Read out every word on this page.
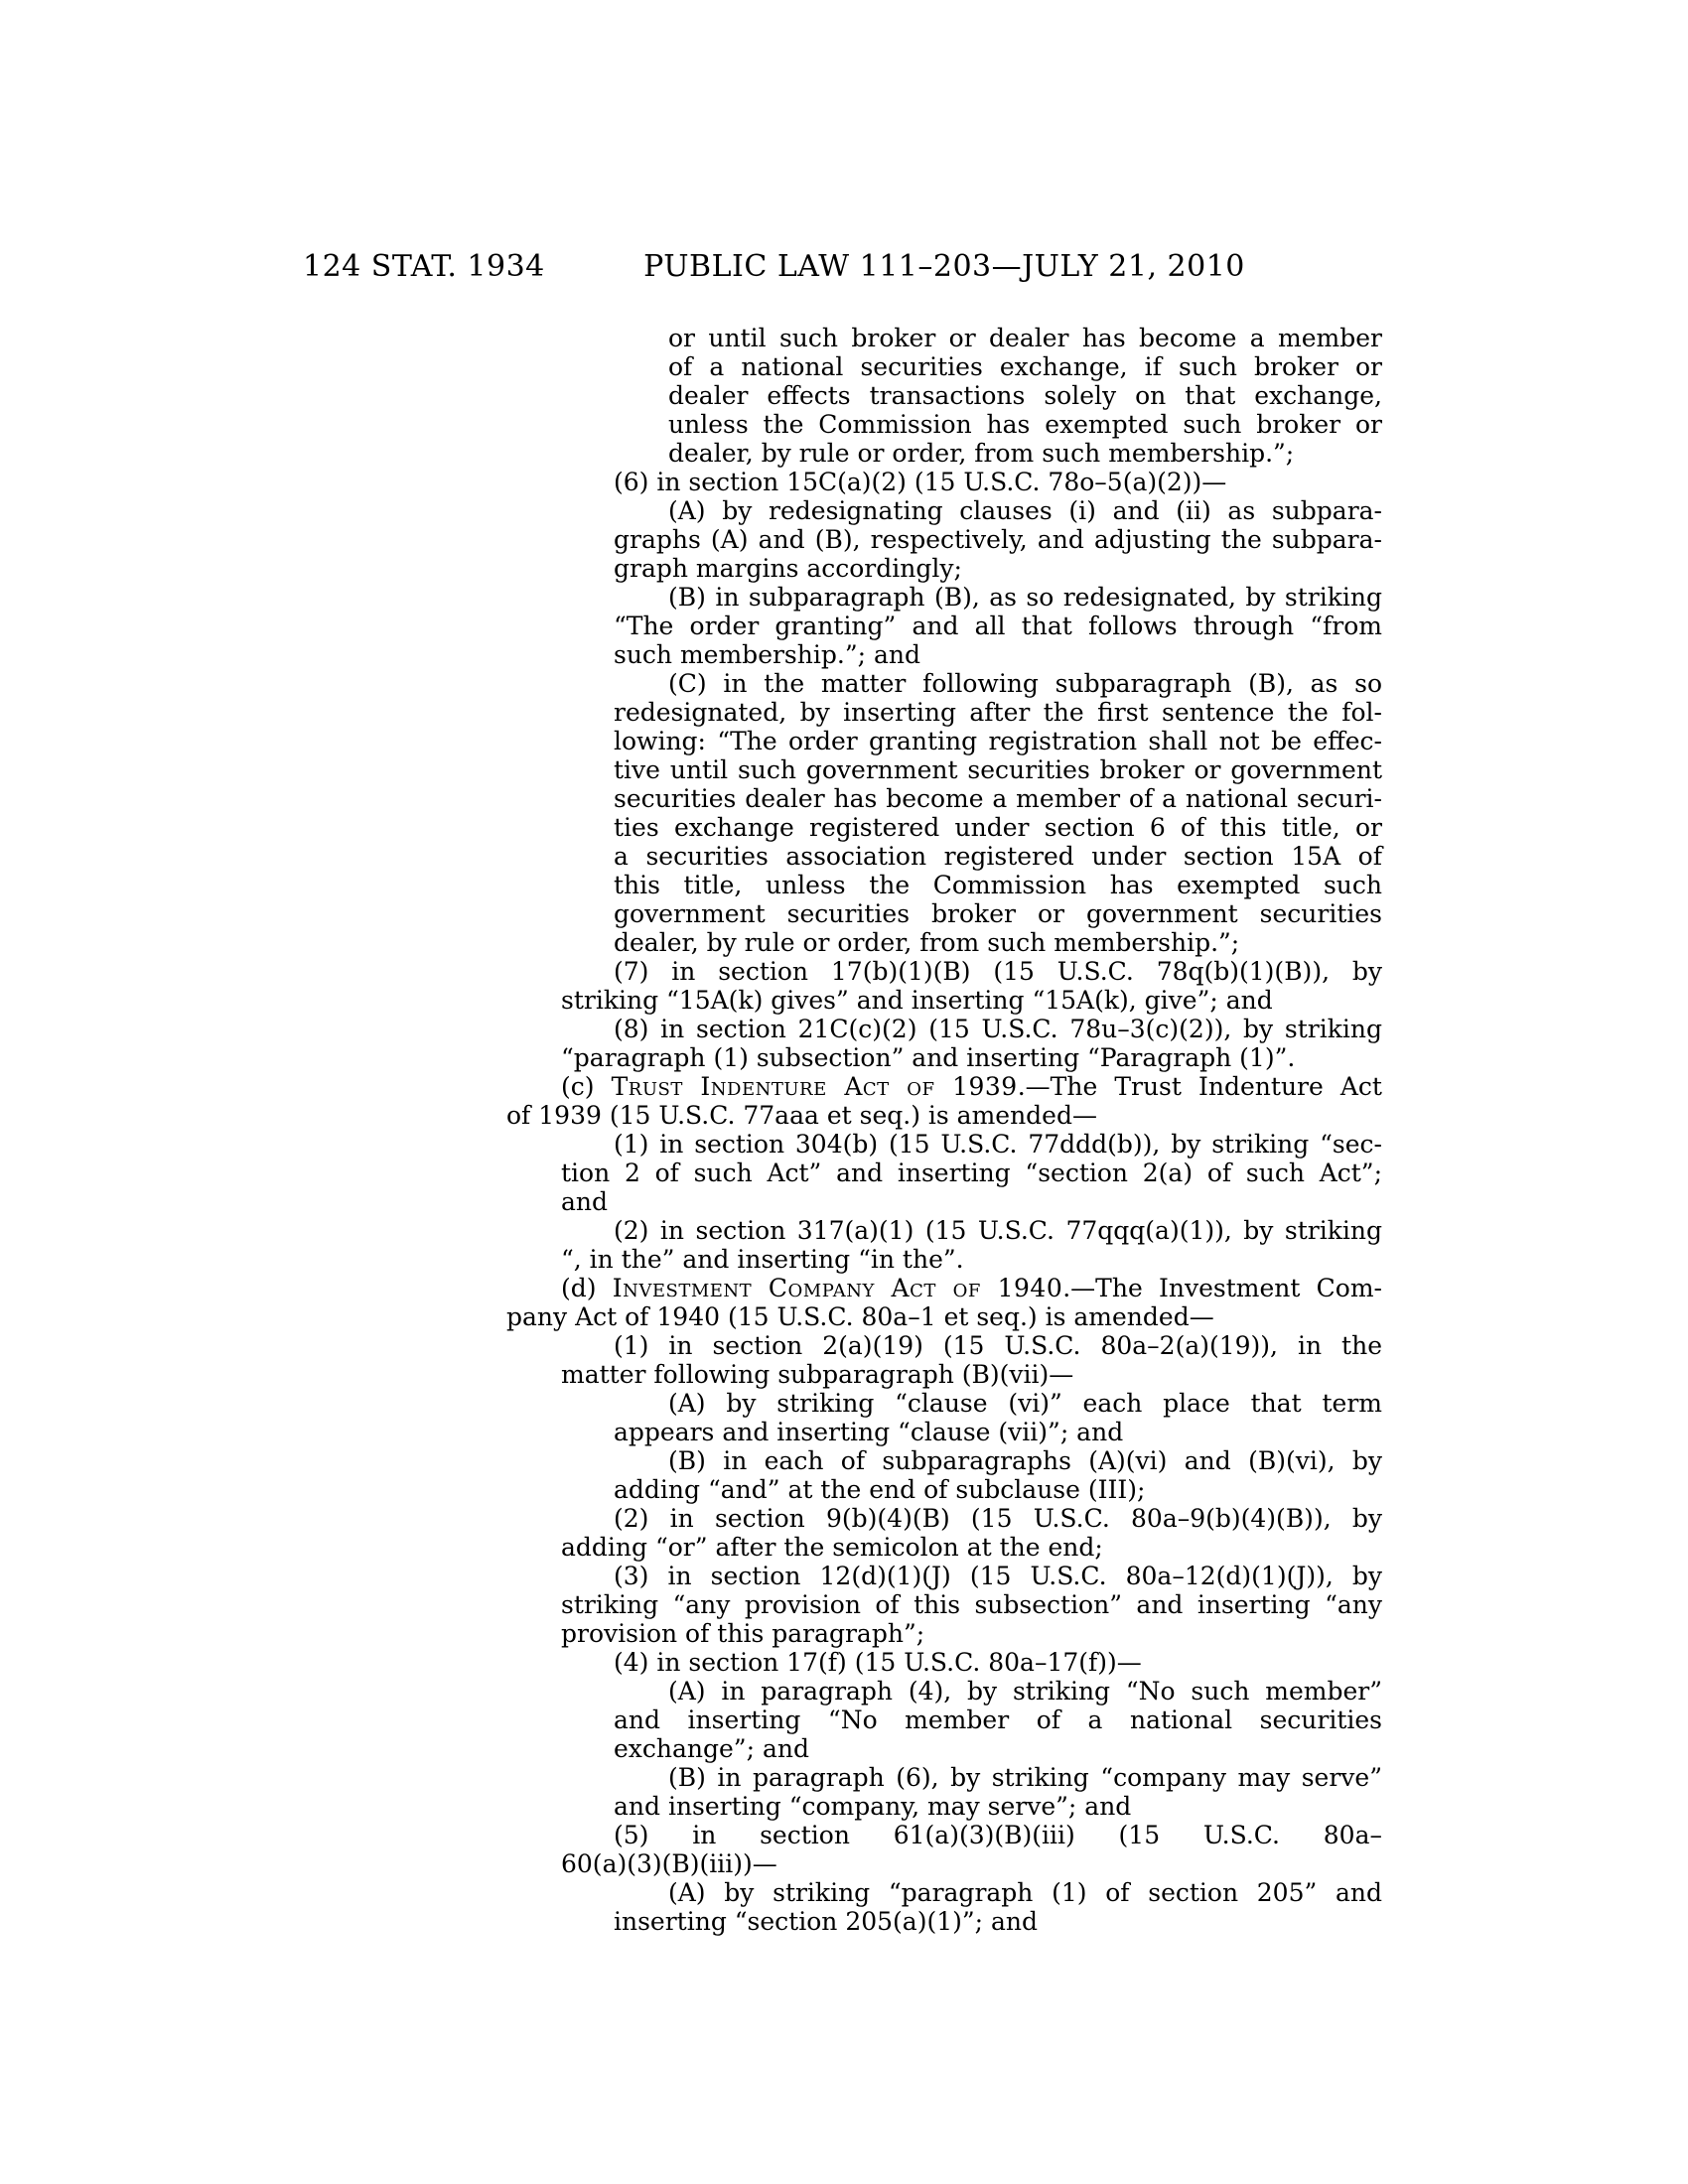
124 STAT. 1934	PUBLIC LAW 111–203—JULY 21, 2010
or until such broker or dealer has become a member
of a national securities exchange, if such broker or
dealer effects transactions solely on that exchange,
unless the Commission has exempted such broker or
dealer, by rule or order, from such membership.”;
(6) in section 15C(a)(2) (15 U.S.C. 78o–5(a)(2))—
(A) by redesignating clauses (i) and (ii) as subpara-
graphs (A) and (B), respectively, and adjusting the subpara-
graph margins accordingly;
(B) in subparagraph (B), as so redesignated, by striking
“The order granting” and all that follows through “from
such membership.”; and
(C) in the matter following subparagraph (B), as so
redesignated, by inserting after the first sentence the fol-
lowing: “The order granting registration shall not be effec-
tive until such government securities broker or government
securities dealer has become a member of a national securi-
ties exchange registered under section 6 of this title, or
a securities association registered under section 15A of
this title, unless the Commission has exempted such
government securities broker or government securities
dealer, by rule or order, from such membership.”;
(7) in section 17(b)(1)(B) (15 U.S.C. 78q(b)(1)(B)), by
striking “15A(k) gives” and inserting “15A(k), give”; and
(8) in section 21C(c)(2) (15 U.S.C. 78u–3(c)(2)), by striking
“paragraph (1) subsection” and inserting “Paragraph (1)”.
(c) Trust Indenture Act of 1939.—The Trust Indenture Act
of 1939 (15 U.S.C. 77aaa et seq.) is amended—
(1) in section 304(b) (15 U.S.C. 77ddd(b)), by striking “sec-
tion 2 of such Act” and inserting “section 2(a) of such Act”;
and
(2) in section 317(a)(1) (15 U.S.C. 77qqq(a)(1)), by striking
“, in the” and inserting “in the”.
(d) Investment Company Act of 1940.—The Investment Com-
pany Act of 1940 (15 U.S.C. 80a–1 et seq.) is amended—
(1) in section 2(a)(19) (15 U.S.C. 80a–2(a)(19)), in the
matter following subparagraph (B)(vii)—
(A) by striking “clause (vi)” each place that term
appears and inserting “clause (vii)”; and
(B) in each of subparagraphs (A)(vi) and (B)(vi), by
adding “and” at the end of subclause (III);
(2) in section 9(b)(4)(B) (15 U.S.C. 80a–9(b)(4)(B)), by
adding “or” after the semicolon at the end;
(3) in section 12(d)(1)(J) (15 U.S.C. 80a–12(d)(1)(J)), by
striking “any provision of this subsection” and inserting “any
provision of this paragraph”;
(4) in section 17(f) (15 U.S.C. 80a–17(f))—
(A) in paragraph (4), by striking “No such member”
and inserting “No member of a national securities
exchange”; and
(B) in paragraph (6), by striking “company may serve”
and inserting “company, may serve”; and
(5) in section 61(a)(3)(B)(iii) (15 U.S.C. 80a–
60(a)(3)(B)(iii))—
(A) by striking “paragraph (1) of section 205” and
inserting “section 205(a)(1)”; and
